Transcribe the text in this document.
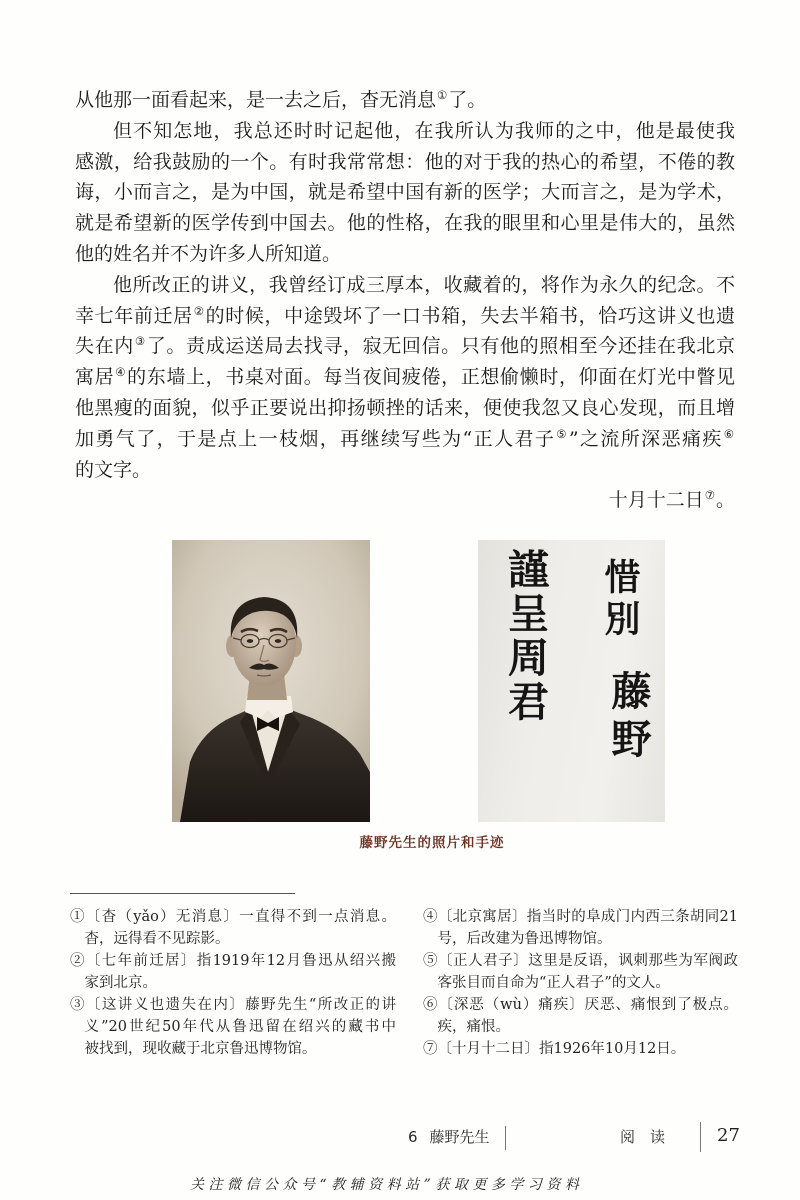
从他那一面看起来，是一去之后，杳无消息①了。
但不知怎地，我总还时时记起他，在我所认为我师的之中，他是最使我
感激，给我鼓励的一个。有时我常常想：他的对于我的热心的希望，不倦的教
诲，小而言之，是为中国，就是希望中国有新的医学；大而言之，是为学术，
就是希望新的医学传到中国去。他的性格，在我的眼里和心里是伟大的，虽然
他的姓名并不为许多人所知道。
他所改正的讲义，我曾经订成三厚本，收藏着的，将作为永久的纪念。不
幸七年前迁居②的时候，中途毁坏了一口书箱，失去半箱书，恰巧这讲义也遗
失在内③了。责成运送局去找寻，寂无回信。只有他的照相至今还挂在我北京
寓居④的东墙上，书桌对面。每当夜间疲倦，正想偷懒时，仰面在灯光中瞥见
他黑瘦的面貌，似乎正要说出抑扬顿挫的话来，便使我忽又良心发现，而且增
加勇气了，于是点上一枝烟，再继续写些为“正人君子⑤”之流所深恶痛疾⑥
的文字。
十月十二日⑦。
惜別
藤野
謹呈周君
藤野先生的照片和手迹
①〔杳（yǎo）无消息〕一直得不到一点消息。
杳，远得看不见踪影。
②〔七年前迁居〕指1919年12月鲁迅从绍兴搬
家到北京。
③〔这讲义也遗失在内〕藤野先生“所改正的讲
义”20世纪50年代从鲁迅留在绍兴的藏书中
被找到，现收藏于北京鲁迅博物馆。
④〔北京寓居〕指当时的阜成门内西三条胡同21
号，后改建为鲁迅博物馆。
⑤〔正人君子〕这里是反语，讽刺那些为军阀政
客张目而自命为“正人君子”的文人。
⑥〔深恶（wù）痛疾〕厌恶、痛恨到了极点。
疾，痛恨。
⑦〔十月十二日〕指1926年10月12日。
6 藤野先生	阅读 27
关注微信公众号“教辅资料站”获取更多学习资料
